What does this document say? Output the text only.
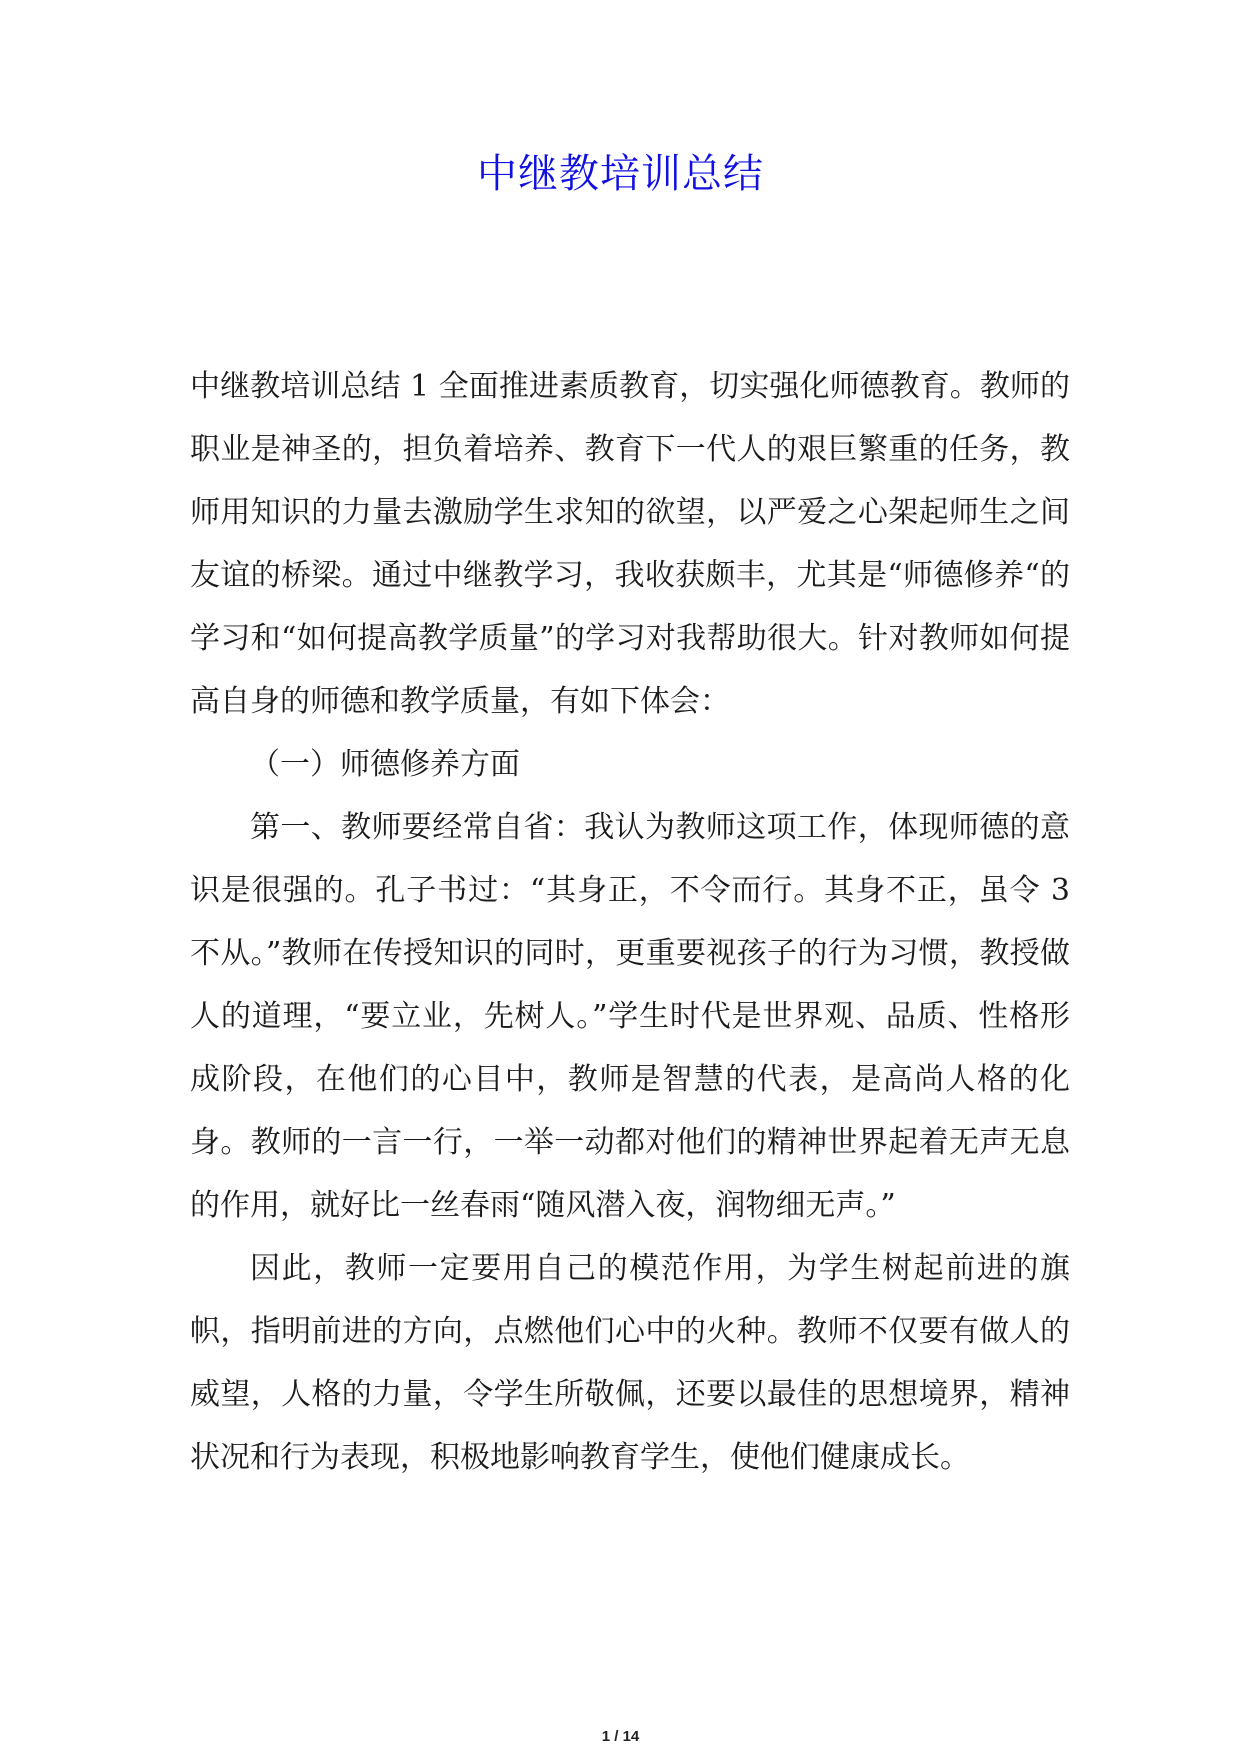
中继教培训总结

中继教培训总结 1 全面推进素质教育，切实强化师德教育。教师的职业是神圣的，担负着培养、教育下一代人的艰巨繁重的任务，教师用知识的力量去激励学生求知的欲望，以严爱之心架起师生之间友谊的桥梁。通过中继教学习，我收获颇丰，尤其是“师德修养“的学习和“如何提高教学质量”的学习对我帮助很大。针对教师如何提高自身的师德和教学质量，有如下体会：

（一）师德修养方面

第一、教师要经常自省：我认为教师这项工作，体现师德的意识是很强的。孔子书过：“其身正，不令而行。其身不正，虽令 3 不从。”教师在传授知识的同时，更重要视孩子的行为习惯，教授做人的道理，“要立业，先树人。”学生时代是世界观、品质、性格形成阶段，在他们的心目中，教师是智慧的代表，是高尚人格的化身。教师的一言一行，一举一动都对他们的精神世界起着无声无息的作用，就好比一丝春雨“随风潜入夜，润物细无声。”

因此，教师一定要用自己的模范作用，为学生树起前进的旗帜，指明前进的方向，点燃他们心中的火种。教师不仅要有做人的威望，人格的力量，令学生所敬佩，还要以最佳的思想境界，精神状况和行为表现，积极地影响教育学生，使他们健康成长。

1 / 14
